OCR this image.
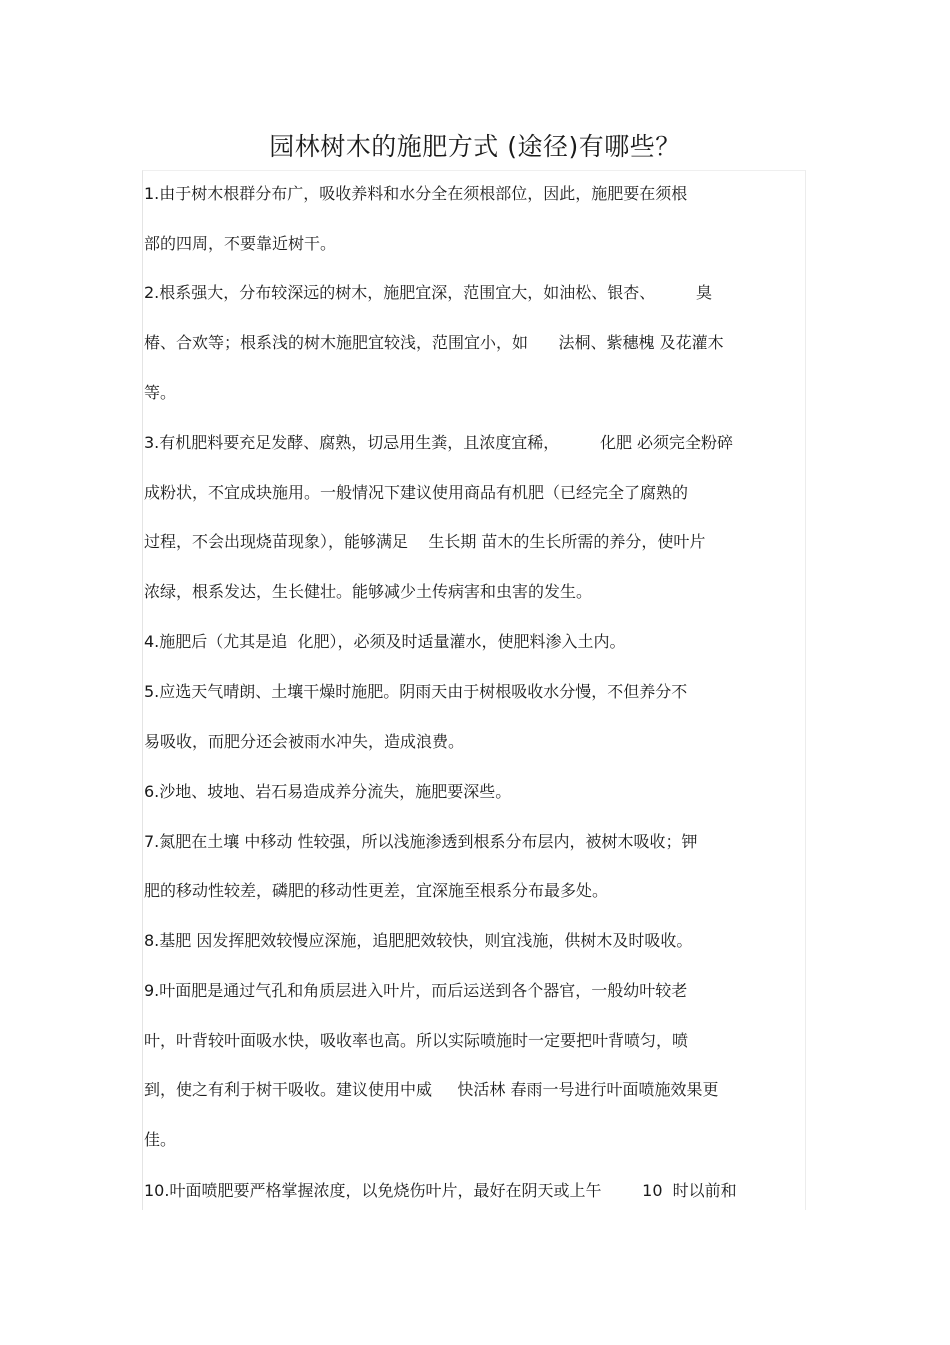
园林树木的施肥方式 (途径)有哪些？
1.由于树木根群分布广，吸收养料和水分全在须根部位，因此，施肥要在须根
部的四周，不要靠近树干。
2.根系强大，分布较深远的树木，施肥宜深，范围宜大，如油松、银杏、        臭
椿、合欢等；根系浅的树木施肥宜较浅，范围宜小，如      法桐、紫穗槐 及花灌木
等。
3.有机肥料要充足发酵、腐熟，切忌用生粪，且浓度宜稀，        化肥 必须完全粉碎
成粉状，不宜成块施用。一般情况下建议使用商品有机肥（已经完全了腐熟的
过程，不会出现烧苗现象），能够满足    生长期 苗木的生长所需的养分，使叶片
浓绿，根系发达，生长健壮。能够减少土传病害和虫害的发生。
4.施肥后（尤其是追  化肥），必须及时适量灌水，使肥料渗入土内。
5.应选天气晴朗、土壤干燥时施肥。阴雨天由于树根吸收水分慢，不但养分不
易吸收，而肥分还会被雨水冲失，造成浪费。
6.沙地、坡地、岩石易造成养分流失，施肥要深些。
7.氮肥在土壤 中移动 性较强，所以浅施渗透到根系分布层内，被树木吸收；钾
肥的移动性较差，磷肥的移动性更差，宜深施至根系分布最多处。
8.基肥 因发挥肥效较慢应深施，追肥肥效较快，则宜浅施，供树木及时吸收。
9.叶面肥是通过气孔和角质层进入叶片，而后运送到各个器官，一般幼叶较老
叶，叶背较叶面吸水快，吸收率也高。所以实际喷施时一定要把叶背喷匀，喷
到，使之有利于树干吸收。建议使用中威     快活林 春雨一号进行叶面喷施效果更
佳。
10.叶面喷肥要严格掌握浓度，以免烧伤叶片，最好在阴天或上午        10  时以前和
